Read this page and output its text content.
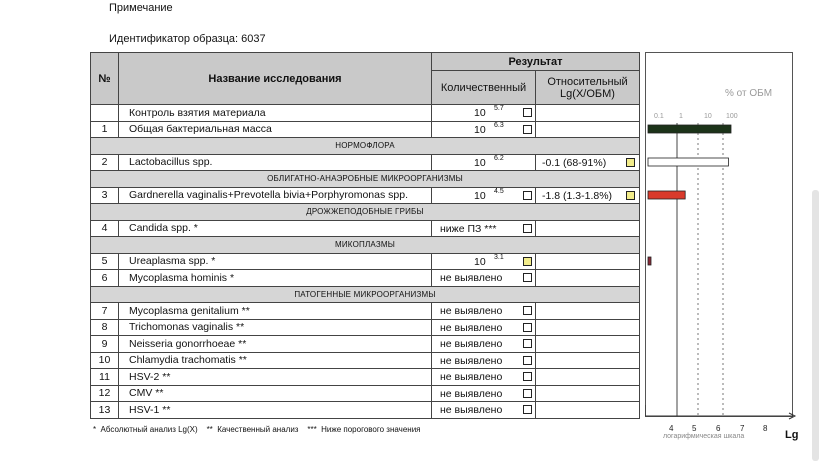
Примечание
Идентификатор образца: 6037
№	Название исследования	Результат	
		Количественный	Относительный
Lg(X/ОБМ)
	Контроль взятия материала	10 5.7	

1	Общая бактериальная масса	10 6.3	

НОРМОФЛОРА			
2	Lactobacillus spp.	10 6.2	-0.1 (68-91%)

ОБЛИГАТНО-АНАЭРОБНЫЕ МИКРООРГАНИЗМЫ			
3	Gardnerella vaginalis+Prevotella bivia+Porphyromonas spp.	10 4.5	-1.8 (1.3-1.8%)

ДРОЖЖЕПОДОБНЫЕ ГРИБЫ			
4	Candida spp. *	ниже ПЗ ***	

МИКОПЛАЗМЫ			
5	Ureaplasma spp. *	10 3.1	

6	Mycoplasma hominis *	не выявлено	

ПАТОГЕННЫЕ МИКРООРГАНИЗМЫ			
7	Mycoplasma genitalium **	не выявлено	

8	Trichomonas vaginalis **	не выявлено	

9	Neisseria gonorrhoeae **	не выявлено	

10	Chlamydia trachomatis **	не выявлено	

11	HSV-2 **	не выявлено	

12	CMV **	не выявлено	

13	HSV-1 **	не выявлено	

0.1 1	10 100
% от ОБМ
*  Абсолютный анализ Lg(X)    **  Качественный анализ    ***  Ниже порогового значения	4 5 6 7 8
Lg
логарифмическая шкала
